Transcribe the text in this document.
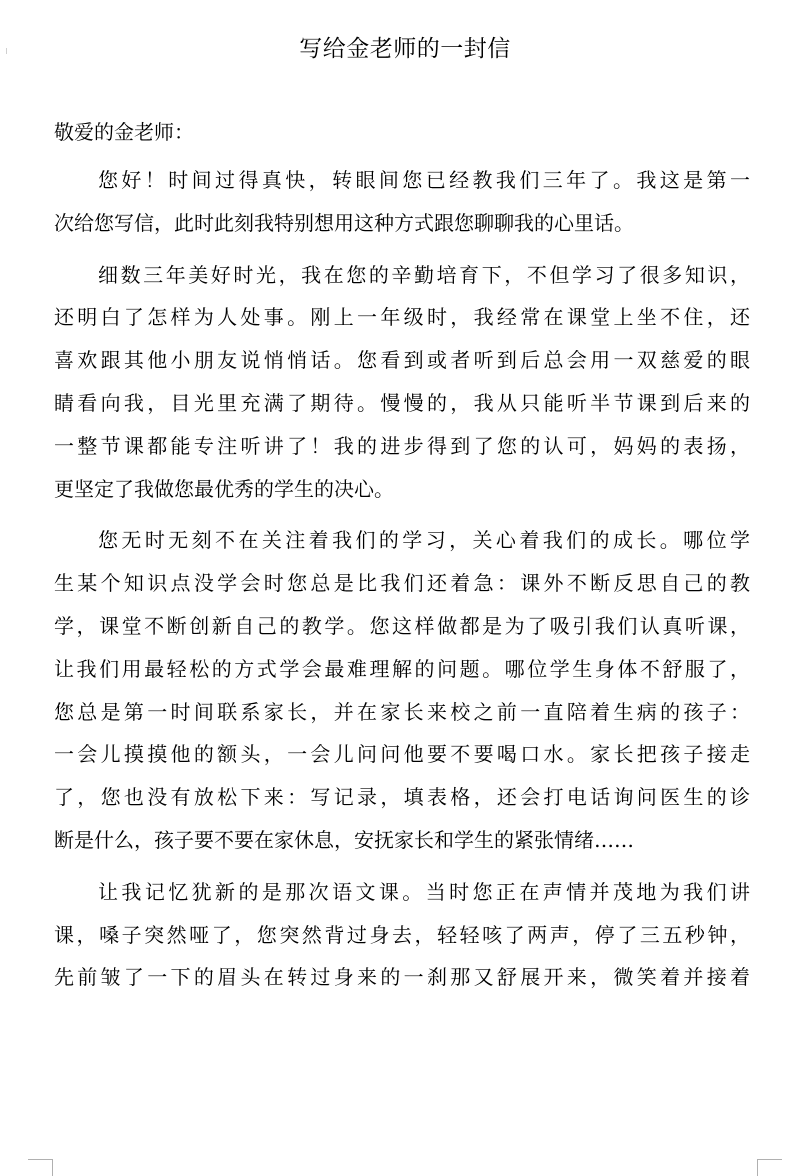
写给金老师的一封信
敬爱的金老师：
您好！时间过得真快，转眼间您已经教我们三年了。我这是第一
次给您写信，此时此刻我特别想用这种方式跟您聊聊我的心里话。
细数三年美好时光，我在您的辛勤培育下，不但学习了很多知识，
还明白了怎样为人处事。刚上一年级时，我经常在课堂上坐不住，还
喜欢跟其他小朋友说悄悄话。您看到或者听到后总会用一双慈爱的眼
睛看向我，目光里充满了期待。慢慢的，我从只能听半节课到后来的
一整节课都能专注听讲了！我的进步得到了您的认可，妈妈的表扬，
更坚定了我做您最优秀的学生的决心。
您无时无刻不在关注着我们的学习，关心着我们的成长。哪位学
生某个知识点没学会时您总是比我们还着急：课外不断反思自己的教
学，课堂不断创新自己的教学。您这样做都是为了吸引我们认真听课，
让我们用最轻松的方式学会最难理解的问题。哪位学生身体不舒服了，
您总是第一时间联系家长，并在家长来校之前一直陪着生病的孩子：
一会儿摸摸他的额头，一会儿问问他要不要喝口水。家长把孩子接走
了，您也没有放松下来：写记录，填表格，还会打电话询问医生的诊
断是什么，孩子要不要在家休息，安抚家长和学生的紧张情绪……
让我记忆犹新的是那次语文课。当时您正在声情并茂地为我们讲
课，嗓子突然哑了，您突然背过身去，轻轻咳了两声，停了三五秒钟，
先前皱了一下的眉头在转过身来的一刹那又舒展开来，微笑着并接着
